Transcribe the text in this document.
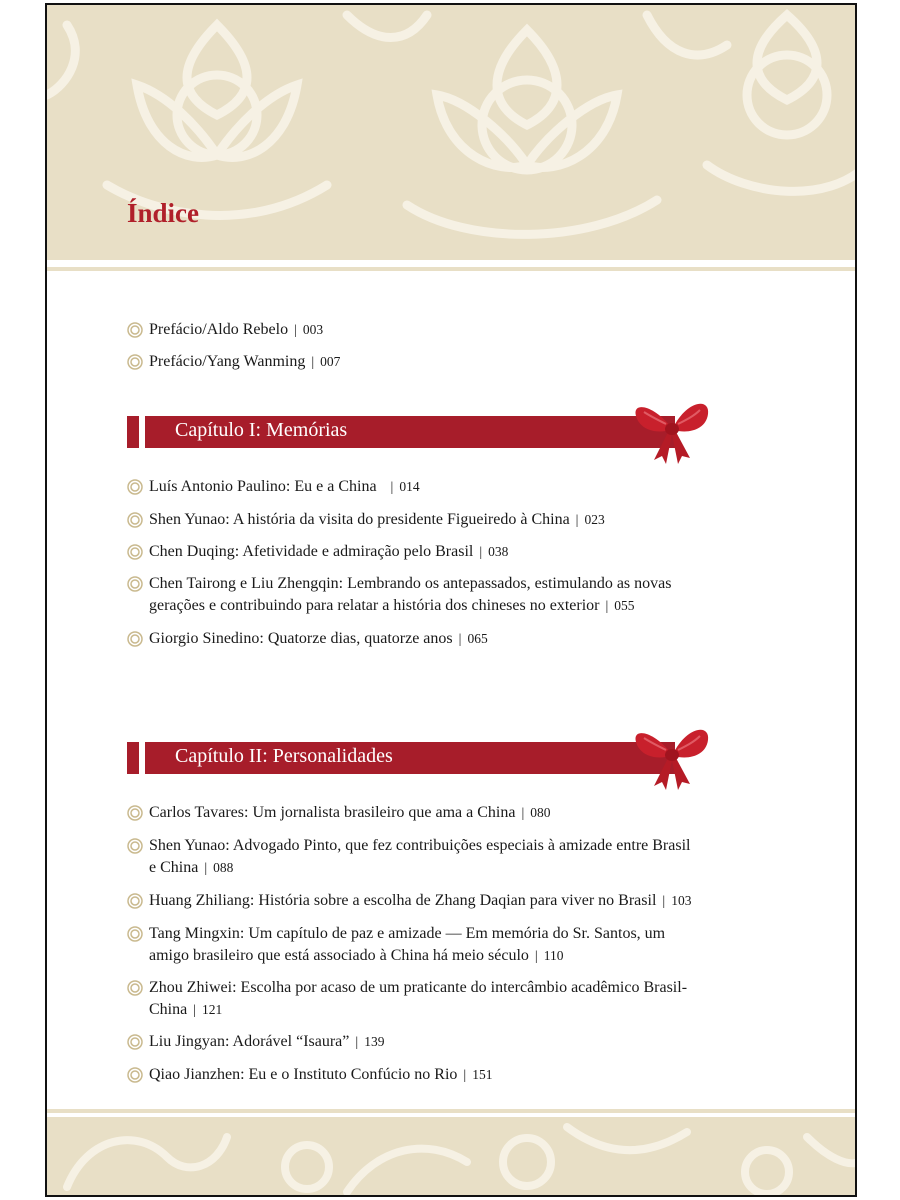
Índice
Prefácio/Aldo Rebelo | 003
Prefácio/Yang Wanming | 007
Capítulo I: Memórias
Luís Antonio Paulino: Eu e a China | 014
Shen Yunao: A história da visita do presidente Figueiredo à China | 023
Chen Duqing: Afetividade e admiração pelo Brasil | 038
Chen Tairong e Liu Zhengqin: Lembrando os antepassados, estimulando as novas
gerações e contribuindo para relatar a história dos chineses no exterior | 055
Giorgio Sinedino: Quatorze dias, quatorze anos | 065
Capítulo II: Personalidades
Carlos Tavares: Um jornalista brasileiro que ama a China | 080
Shen Yunao: Advogado Pinto, que fez contribuições especiais à amizade entre Brasil
e China | 088
Huang Zhiliang: História sobre a escolha de Zhang Daqian para viver no Brasil | 103
Tang Mingxin: Um capítulo de paz e amizade — Em memória do Sr. Santos, um
amigo brasileiro que está associado à China há meio século | 110
Zhou Zhiwei: Escolha por acaso de um praticante do intercâmbio acadêmico Brasil-
China | 121
Liu Jingyan: Adorável “Isaura” | 139
Qiao Jianzhen: Eu e o Instituto Confúcio no Rio | 151
